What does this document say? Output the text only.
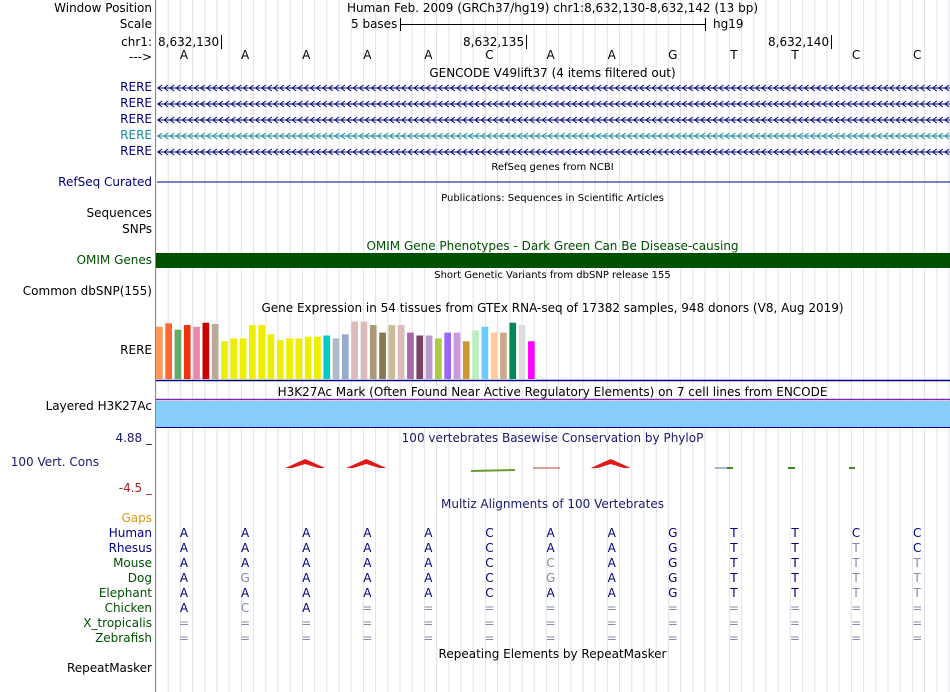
Window Position	Human Feb. 2009 (GRCh37/hg19) chr1:8,632,130-8,632,142 (13 bp)
Scale	5 bases	hg19
chr1: 8,632,130	8,632,135	8,632,140
---> A	A	A	A	A	C	A	A	G	T	T	C	C
GENCODE V49lift37 (4 items filtered out)
RERE
RERE
RERE
RERE
RERE
RefSeq genes from NCBI
RefSeq Curated
Publications: Sequences in Scientific Articles
Sequences
SNPs
OMIM Gene Phenotypes - Dark Green Can Be Disease-causing
OMIM Genes
Short Genetic Variants from dbSNP release 155
Common dbSNP(155)
Gene Expression in 54 tissues from GTEx RNA-seq of 17382 samples, 948 donors (V8, Aug 2019)
RERE
H3K27Ac Mark (Often Found Near Active Regulatory Elements) on 7 cell lines from ENCODE
Layered H3K27Ac
100 vertebrates Basewise Conservation by PhyloP
4.88 _
100 Vert. Cons
-4.5 _
Multiz Alignments of 100 Vertebrates
Gaps
Human A	A	A	A	A	C	A	A	G	T	T	C	C
Rhesus A	A	A	A	A	C	A	A	G	T	T	T	C
Mouse A	A	A	A	A	C	C	A	G	T	T	T	T
Dog A	G	A	A	A	C	G	A	G	T	T	T	T
Elephant A	A	A	A	A	C	A	A	G	T	T	T	T
Chicken A	C	A	=	=	=	=	=	=	=	=	=	=
X_tropicalis =	=	=	=	=	=	=	=	=	=	=	=	=
Zebrafish =	=	=	=	=	=	=	=	=	=	=	=	=
Repeating Elements by RepeatMasker
RepeatMasker
